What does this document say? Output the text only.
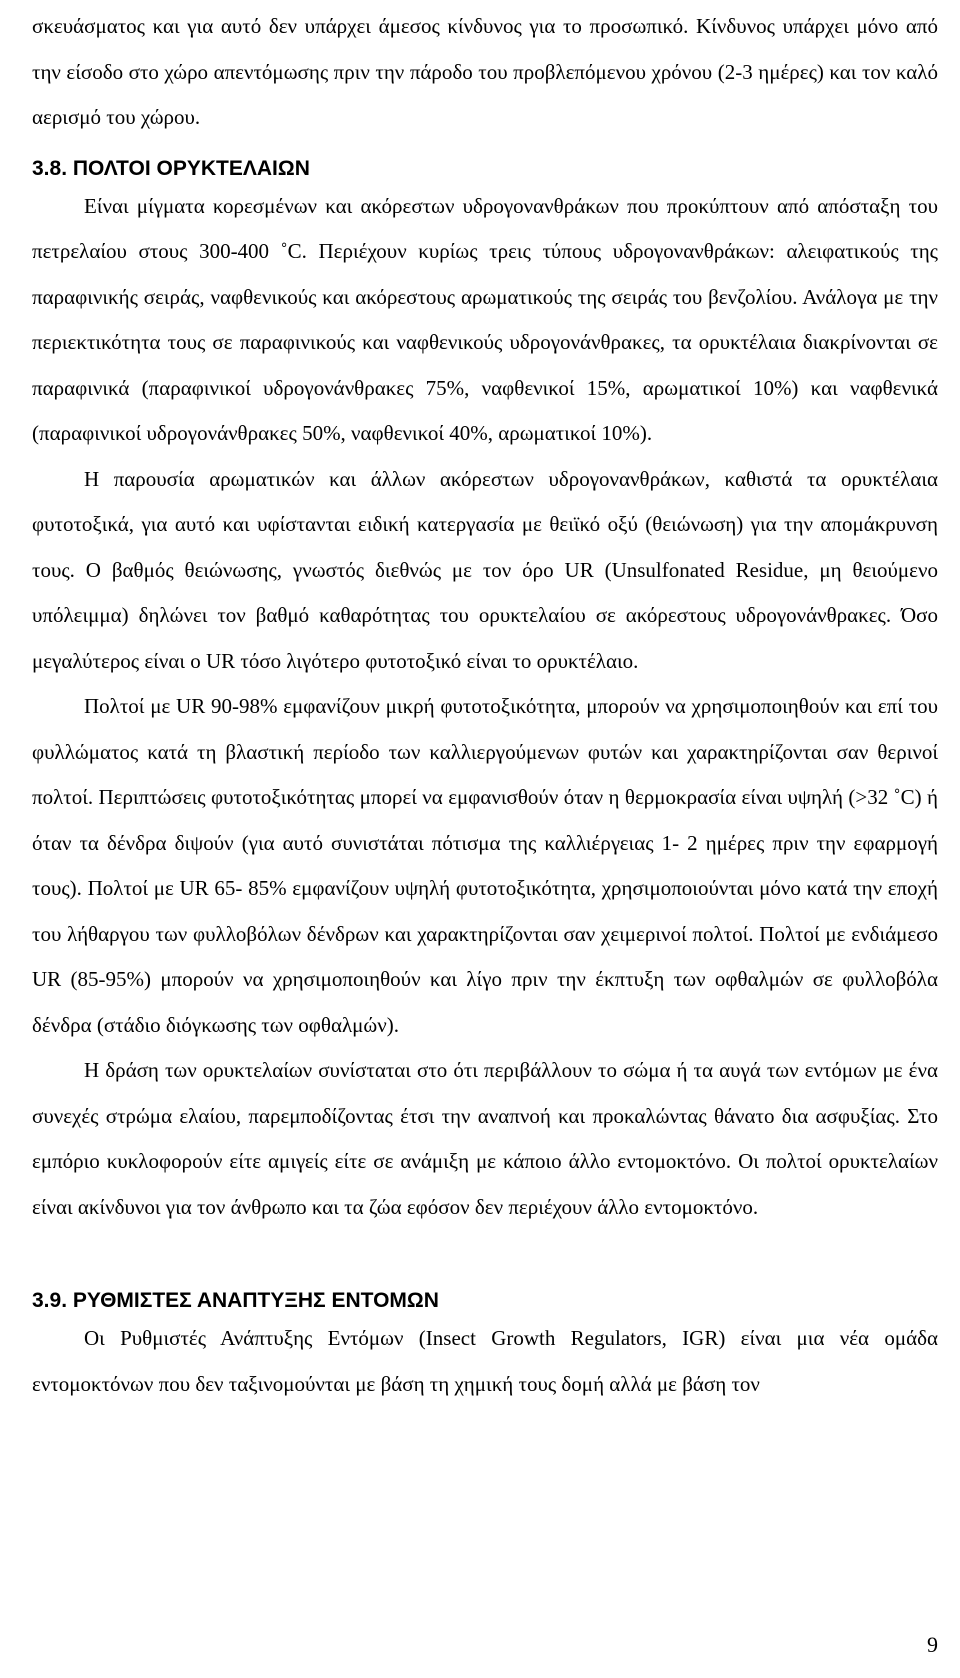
σκευάσματος και για αυτό δεν υπάρχει άμεσος κίνδυνος για το προσωπικό. Κίνδυνος υπάρχει μόνο από την είσοδο στο χώρο απεντόμωσης πριν την πάροδο του προβλεπόμενου χρόνου (2-3 ημέρες) και τον καλό αερισμό του χώρου.

3.8. ΠΟΛΤΟΙ ΟΡΥΚΤΕΛΑΙΩΝ

Είναι μίγματα κορεσμένων και ακόρεστων υδρογονανθράκων που προκύπτουν από απόσταξη του πετρελαίου στους 300-400 ˚C. Περιέχουν κυρίως τρεις τύπους υδρογονανθράκων: αλειφατικούς της παραφινικής σειράς, ναφθενικούς και ακόρεστους αρωματικούς της σειράς του βενζολίου. Ανάλογα με την περιεκτικότητα τους σε παραφινικούς και ναφθενικούς υδρογονάνθρακες, τα ορυκτέλαια διακρίνονται σε παραφινικά (παραφινικοί υδρογονάνθρακες 75%, ναφθενικοί 15%, αρωματικοί 10%) και ναφθενικά (παραφινικοί υδρογονάνθρακες 50%, ναφθενικοί 40%, αρωματικοί 10%).

Η παρουσία αρωματικών και άλλων ακόρεστων υδρογονανθράκων, καθιστά τα ορυκτέλαια φυτοτοξικά, για αυτό και υφίστανται ειδική κατεργασία με θειϊκό οξύ (θειώνωση) για την απομάκρυνση τους. Ο βαθμός θειώνωσης, γνωστός διεθνώς με τον όρο UR (Unsulfonated Residue, μη θειούμενο υπόλειμμα) δηλώνει τον βαθμό καθαρότητας του ορυκτελαίου σε ακόρεστους υδρογονάνθρακες. Όσο μεγαλύτερος είναι ο UR τόσο λιγότερο φυτοτοξικό είναι το ορυκτέλαιο.

Πολτοί με UR 90-98% εμφανίζουν μικρή φυτοτοξικότητα, μπορούν να χρησιμοποιηθούν και επί του φυλλώματος κατά τη βλαστική περίοδο των καλλιεργούμενων φυτών και χαρακτηρίζονται σαν θερινοί πολτοί. Περιπτώσεις φυτοτοξικότητας μπορεί να εμφανισθούν όταν η θερμοκρασία είναι υψηλή (>32 ˚C) ή όταν τα δένδρα διψούν (για αυτό συνιστάται πότισμα της καλλιέργειας 1- 2 ημέρες πριν την εφαρμογή τους). Πολτοί με UR 65- 85% εμφανίζουν υψηλή φυτοτοξικότητα, χρησιμοποιούνται μόνο κατά την εποχή του λήθαργου των φυλλοβόλων δένδρων και χαρακτηρίζονται σαν χειμερινοί πολτοί. Πολτοί με ενδιάμεσο UR (85-95%) μπορούν να χρησιμοποιηθούν και λίγο πριν την έκπτυξη των οφθαλμών σε φυλλοβόλα δένδρα (στάδιο διόγκωσης των οφθαλμών).

Η δράση των ορυκτελαίων συνίσταται στο ότι περιβάλλουν το σώμα ή τα αυγά των εντόμων με ένα συνεχές στρώμα ελαίου, παρεμποδίζοντας έτσι την αναπνοή και προκαλώντας θάνατο δια ασφυξίας. Στο εμπόριο κυκλοφορούν είτε αμιγείς είτε σε ανάμιξη με κάποιο άλλο εντομοκτόνο. Οι πολτοί ορυκτελαίων είναι ακίνδυνοι για τον άνθρωπο και τα ζώα εφόσον δεν περιέχουν άλλο εντομοκτόνο.

3.9. ΡΥΘΜΙΣΤΕΣ ΑΝΑΠΤΥΞΗΣ ΕΝΤΟΜΩΝ

Οι Ρυθμιστές Ανάπτυξης Εντόμων (Insect Growth Regulators, IGR) είναι μια νέα ομάδα εντομοκτόνων που δεν ταξινομούνται με βάση τη χημική τους δομή αλλά με βάση τον

9
